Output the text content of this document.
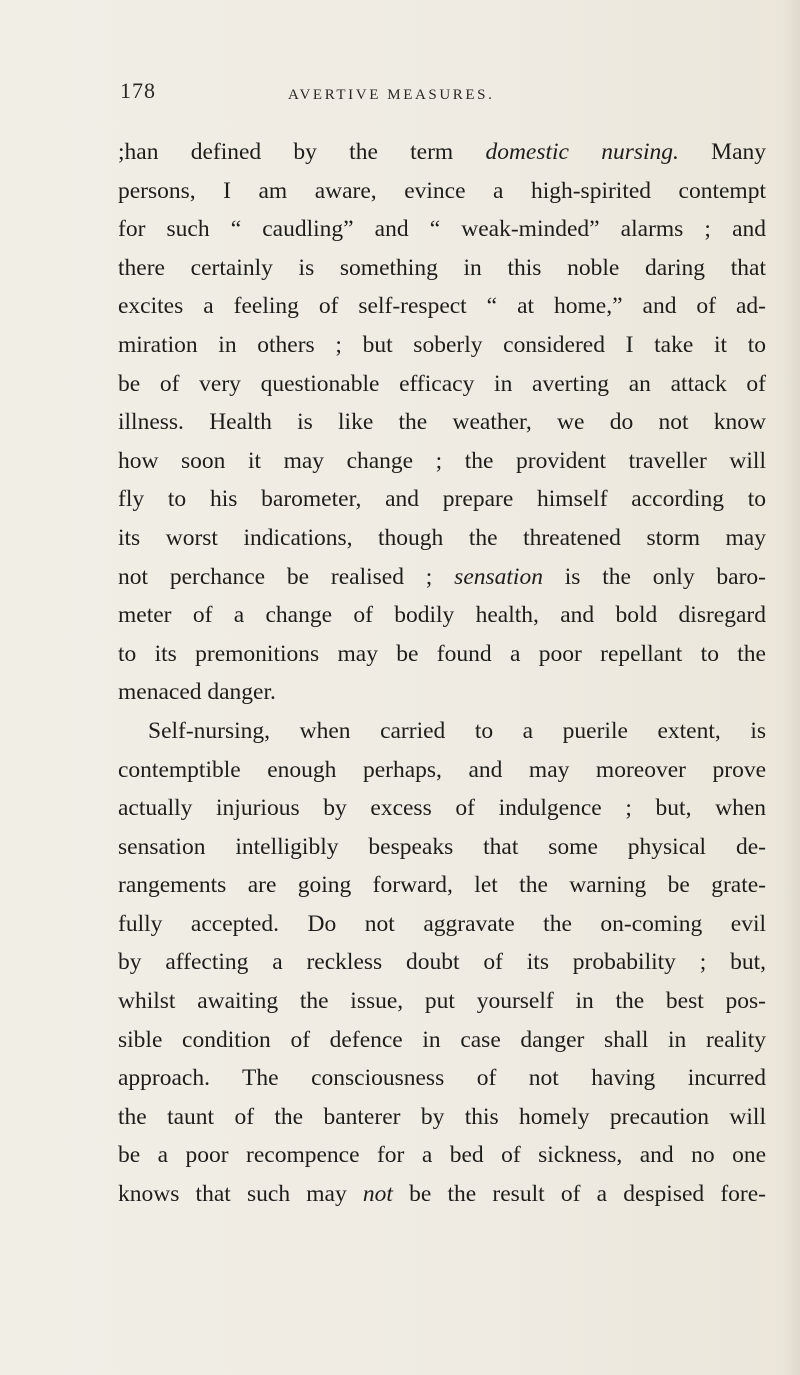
178	AVERTIVE MEASURES.
;han defined by the term domestic nursing. Many
persons, I am aware, evince a high-spirited contempt
for such “ caudling” and “ weak-minded” alarms ; and
there certainly is something in this noble daring that
excites a feeling of self-respect “ at home,” and of ad-
miration in others ; but soberly considered I take it to
be of very questionable efficacy in averting an attack of
illness. Health is like the weather, we do not know
how soon it may change ; the provident traveller will
fly to his barometer, and prepare himself according to
its worst indications, though the threatened storm may
not perchance be realised ; sensation is the only baro-
meter of a change of bodily health, and bold disregard
to its premonitions may be found a poor repellant to the
menaced danger.
Self-nursing, when carried to a puerile extent, is
contemptible enough perhaps, and may moreover prove
actually injurious by excess of indulgence ; but, when
sensation intelligibly bespeaks that some physical de-
rangements are going forward, let the warning be grate-
fully accepted. Do not aggravate the on-coming evil
by affecting a reckless doubt of its probability ; but,
whilst awaiting the issue, put yourself in the best pos-
sible condition of defence in case danger shall in reality
approach. The consciousness of not having incurred
the taunt of the banterer by this homely precaution will
be a poor recompence for a bed of sickness, and no one
knows that such may not be the result of a despised fore-
